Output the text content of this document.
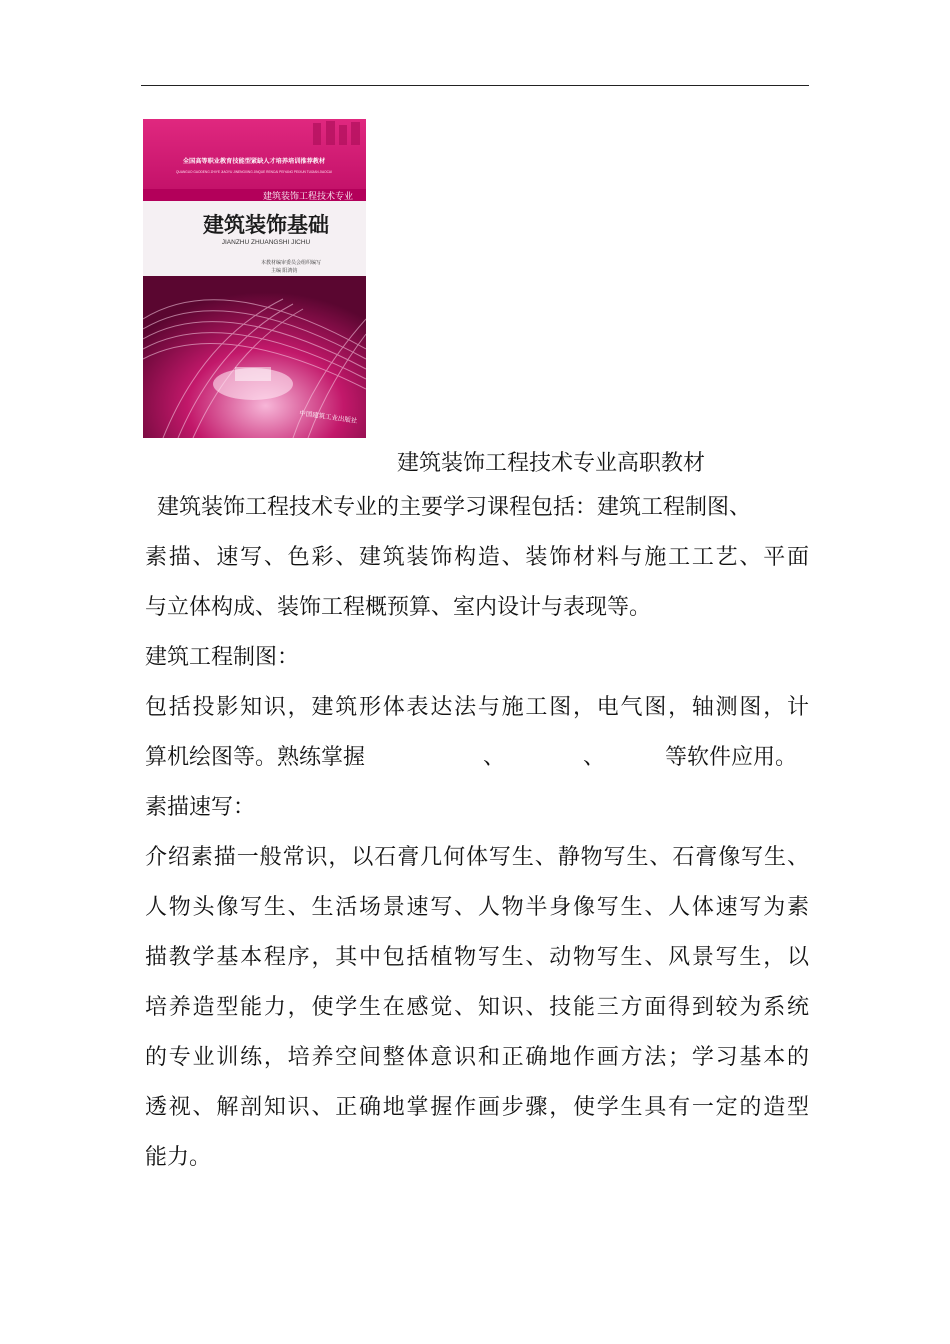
全国高等职业教育技能型紧缺人才培养培训推荐教材
QUANGUO GAODENG ZHIYE JIAOYU JINENGXING JINQUE RENCAI PEIYANG PEIXUN TUIJIAN JIAOCAI
建筑装饰工程技术专业
建筑装饰基础
JIANZHU ZHUANGSHI JICHU
本教材编审委员会组织编写
主编 阳鸿钧
中国建筑工业出版社
建筑装饰工程技术专业高职教材
建筑装饰工程技术专业的主要学习课程包括：建筑工程制图、
素描、速写、色彩、建筑装饰构造、装饰材料与施工工艺、平面
与立体构成、装饰工程概预算、室内设计与表现等。
建筑工程制图：
包括投影知识，建筑形体表达法与施工图，电气图，轴测图，计
算机绘图等。熟练掌握	、	、	等软件应用。
素描速写：
介绍素描一般常识，以石膏几何体写生、静物写生、石膏像写生、
人物头像写生、生活场景速写、人物半身像写生、人体速写为素
描教学基本程序，其中包括植物写生、动物写生、风景写生，以
培养造型能力，使学生在感觉、知识、技能三方面得到较为系统
的专业训练，培养空间整体意识和正确地作画方法；学习基本的
透视、解剖知识、正确地掌握作画步骤，使学生具有一定的造型
能力。
